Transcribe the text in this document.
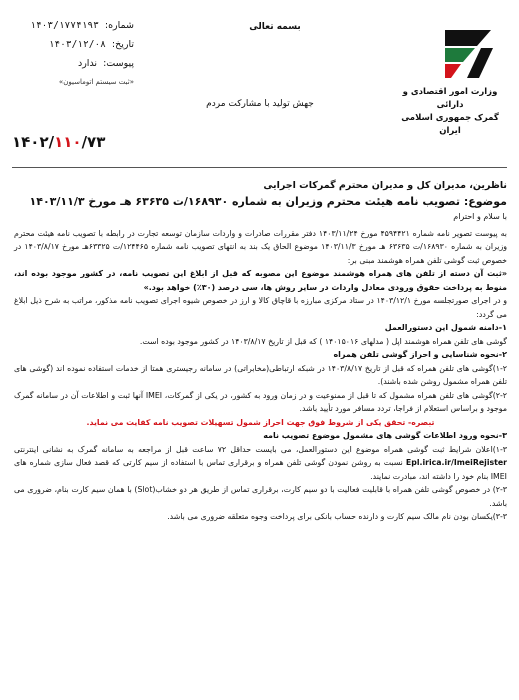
بسمه تعالی
شماره:
۱۴۰۳/۱۷۷۴۱۹۳
تاریخ:
۱۴۰۳/۱۲/۰۸
پیوست:
ندارد
«ثبت سیستم اتوماسیون»
وزارت امور اقتصادی و دارائی
گمرک جمهوری اسلامی ایران
جهش تولید با مشارکت مردم
۱۴۰۲/۱۱۰/۷۳

ناظرین، مدیران کل و مدیران محترم گمرکات اجرایی

موضوع: تصویب نامه هیئت محترم وزیران به شماره ۱۶۸۹۳۰/ت ۶۳۶۳۵ هـ مورخ ۱۴۰۳/۱۱/۳

با سلام و احترام

به پیوست تصویر نامه شماره ۴۵۹۴۴۲۱ مورخ ۱۴۰۳/۱۱/۲۴ دفتر مقررات صادرات و واردات سازمان توسعه تجارت در رابطه با تصویب نامه هیئت محترم وزیران به شماره ۱۶۸۹۳۰/ت ۶۳۶۳۵ هـ مورخ ۱۴۰۳/۱۱/۳ موضوع الحاق یک بند به انتهای تصویب نامه شماره ۱۲۴۴۶۵/ت ۶۳۳۲۵هـ مورخ ۱۴۰۳/۸/۱۷ در خصوص ثبت گوشی تلفن همراه هوشمند مبنی بر:

«ثبت آن دسته از تلفن های همراه هوشمند موضوع این مصوبه که قبل از ابلاغ این تصویب نامه، در کشور موجود بوده اند، منوط به پرداخت حقوق ورودی معادل واردات در سایر روش ها، سی درصد (۳۰٪) خواهد بود.»

و در اجرای صورتجلسه مورخ ۱۴۰۳/۱۲/۱ در ستاد مرکزی مبارزه با قاچاق کالا و ارز در خصوص شیوه اجرای تصویب نامه مذکور، مراتب به شرح ذیل ابلاغ می گردد:

۱-دامنه شمول این دستورالعمل

گوشی های تلفن همراه هوشمند اپل ( مدلهای ۱۴۰۱۵۰۱۶ ) که قبل از تاریخ ۱۴۰۳/۸/۱۷ در کشور موجود بوده است.

۲-نحوه شناسایی و احراز گوشی تلفن همراه

۱-۲)گوشی های تلفن همراه که قبل از تاریخ ۱۴۰۳/۸/۱۷ در شبکه ارتباطی(مخابراتی) در سامانه رجیستری همتا از خدمات استفاده نموده اند (گوشی های تلفن همراه مشمول روشن شده باشند).

۲-۲)گوشی های تلفن همراه مشمول که تا قبل از ممنوعیت و در زمان ورود به کشور، در یکی از گمرکات، IMEI آنها ثبت و اطلاعات آن در سامانه گمرک موجود و براساس استعلام از فراجا، تردد مسافر مورد تأیید باشد.

تبصره- تحقق یکی از شروط فوق جهت احراز شمول تسهیلات تصویب نامه کفایت می نماید.

۳-نحوه ورود اطلاعات گوشی های مشمول موضوع تصویب نامه

۱-۳)اعلان شرایط ثبت گوشی همراه موضوع این دستورالعمل، می بایست حداقل ۷۲ ساعت قبل از مراجعه به سامانه گمرک به نشانی اینترنتی Epl.irica.ir/ImeiRejister نسبت به روشن نمودن گوشی تلفن همراه و برقراری تماس با استفاده از سیم کارتی که قصد فعال سازی شماره های IMEI بنام خود را داشته اند، مبادرت نمایند.

۲-۳) در خصوص گوشی تلفن همراه با قابلیت فعالیت با دو سیم کارت، برقراری تماس از طریق هر دو خشاب(Slot) با همان سیم کارت بنام، ضروری می باشد.

۳-۳)یکسان بودن نام مالک سیم کارت و دارنده حساب بانکی برای پرداخت وجوه متعلقه ضروری می باشد.
